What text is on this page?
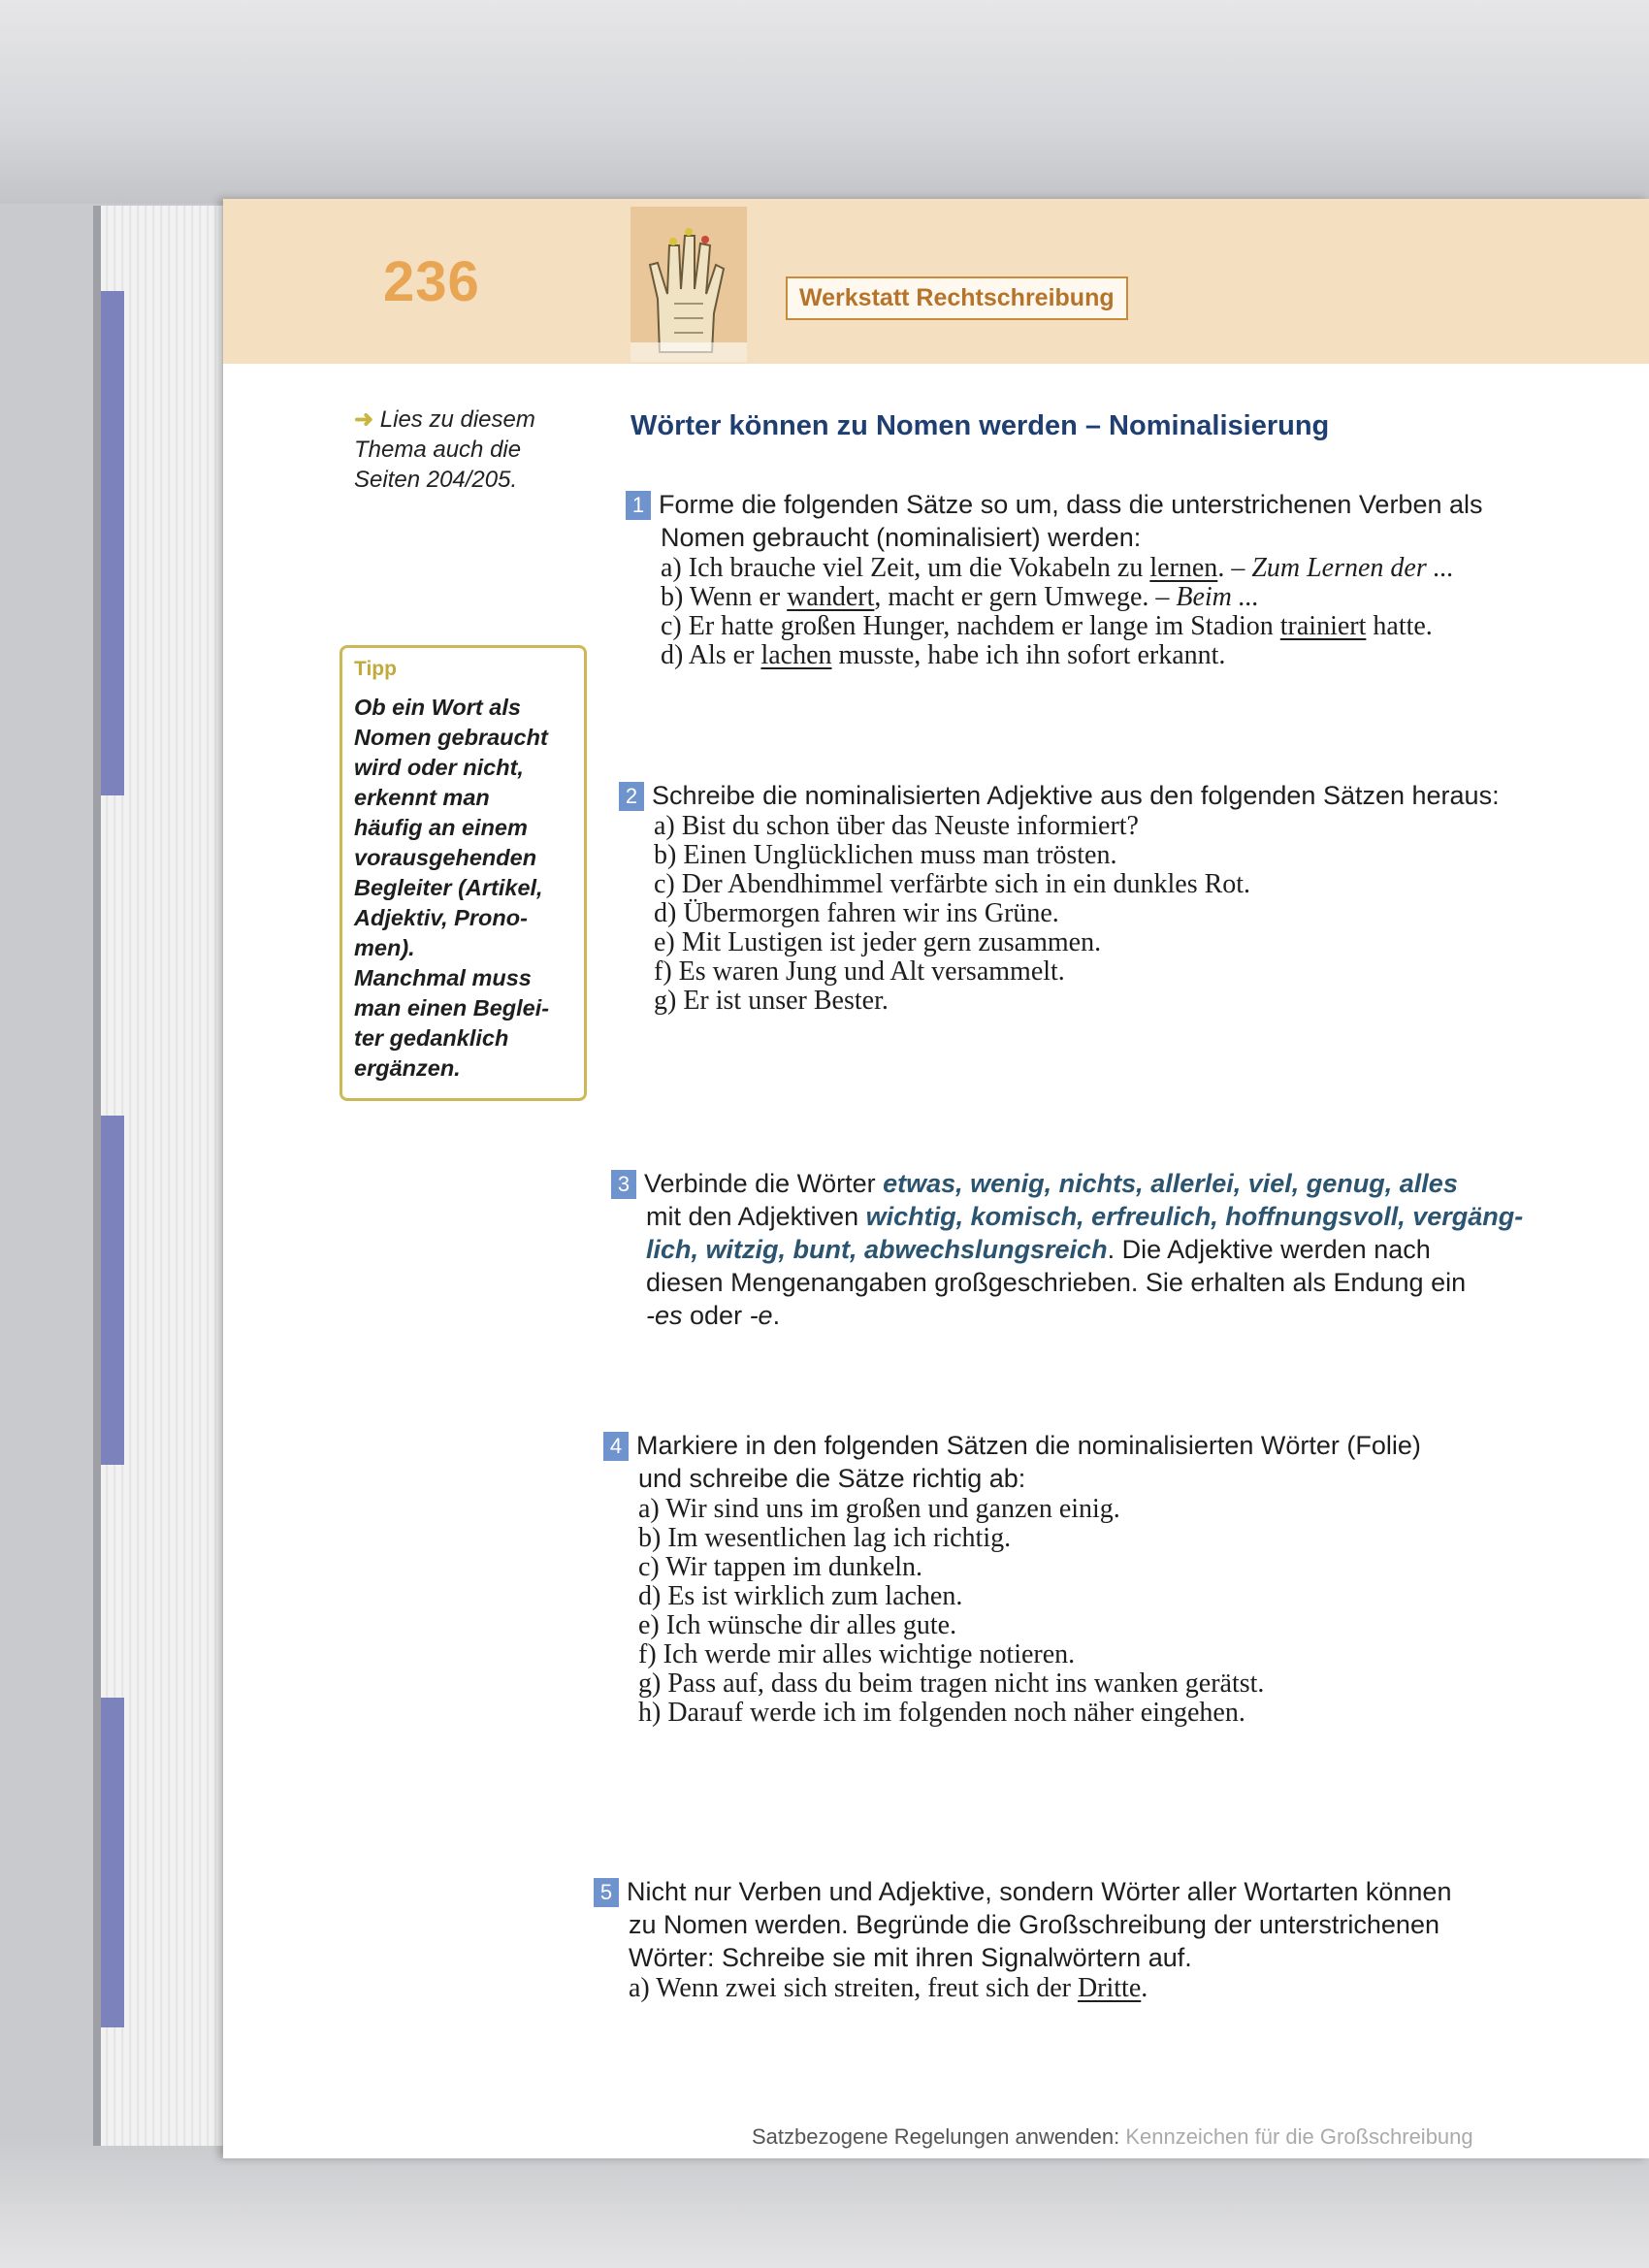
236	Werkstatt Rechtschreibung
➜ Lies zu diesem Thema auch die Seiten 204/205.
Tipp
Ob ein Wort als
Nomen gebraucht
wird oder nicht,
erkennt man
häufig an einem
vorausgehenden
Begleiter (Artikel,
Adjektiv, Prono-
men).
Manchmal muss
man einen Beglei-
ter gedanklich
ergänzen.
Wörter können zu Nomen werden – Nominalisierung
1 Forme die folgenden Sätze so um, dass die unterstrichenen Verben als
Nomen gebraucht (nominalisiert) werden:
a) Ich brauche viel Zeit, um die Vokabeln zu lernen. – Zum Lernen der ...
b) Wenn er wandert, macht er gern Umwege. – Beim ...
c) Er hatte großen Hunger, nachdem er lange im Stadion trainiert hatte.
d) Als er lachen musste, habe ich ihn sofort erkannt.
2 Schreibe die nominalisierten Adjektive aus den folgenden Sätzen heraus:
a) Bist du schon über das Neuste informiert?
b) Einen Unglücklichen muss man trösten.
c) Der Abendhimmel verfärbte sich in ein dunkles Rot.
d) Übermorgen fahren wir ins Grüne.
e) Mit Lustigen ist jeder gern zusammen.
f) Es waren Jung und Alt versammelt.
g) Er ist unser Bester.
3 Verbinde die Wörter etwas, wenig, nichts, allerlei, viel, genug, alles
mit den Adjektiven wichtig, komisch, erfreulich, hoffnungsvoll, vergäng-
lich, witzig, bunt, abwechslungsreich. Die Adjektive werden nach
diesen Mengenangaben großgeschrieben. Sie erhalten als Endung ein
-es oder -e.
4 Markiere in den folgenden Sätzen die nominalisierten Wörter (Folie)
und schreibe die Sätze richtig ab:
a) Wir sind uns im großen und ganzen einig.
b) Im wesentlichen lag ich richtig.
c) Wir tappen im dunkeln.
d) Es ist wirklich zum lachen.
e) Ich wünsche dir alles gute.
f) Ich werde mir alles wichtige notieren.
g) Pass auf, dass du beim tragen nicht ins wanken gerätst.
h) Darauf werde ich im folgenden noch näher eingehen.
5 Nicht nur Verben und Adjektive, sondern Wörter aller Wortarten können
zu Nomen werden. Begründe die Großschreibung der unterstrichenen
Wörter: Schreibe sie mit ihren Signalwörtern auf.
a) Wenn zwei sich streiten, freut sich der Dritte.
Satzbezogene Regelungen anwenden: Kennzeichen für die Großschreibung
